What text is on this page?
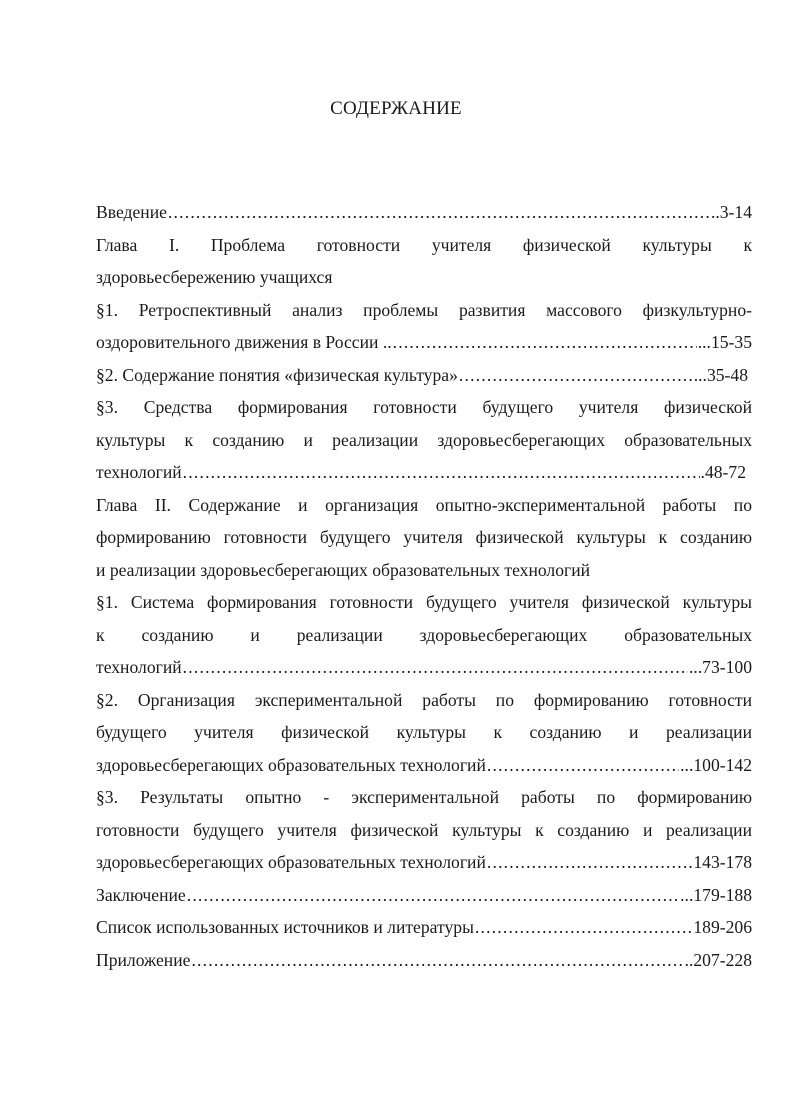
СОДЕРЖАНИЕ
Введение .....	..3-14
Глава I. Проблема готовности учителя физической культуры к
здоровьесбережению учащихся
§1. Ретроспективный анализ проблемы развития массового физкультурно-
оздоровительного движения в России .. .....	...15-35
§2. Содержание понятия «физическая культура» .....	...35-48
§3. Средства формирования готовности будущего учителя физической
культуры к созданию и реализации здоровьесберегающих образовательных
технологий .....	.48-72
Глава II. Содержание и организация опытно-экспериментальной работы по
формированию готовности будущего учителя физической культуры к созданию
и реализации здоровьесберегающих образовательных технологий
§1. Система формирования готовности будущего учителя физической культуры
к созданию и реализации здоровьесберегающих образовательных
технологий .....	...73-100
§2. Организация экспериментальной работы по формированию готовности
будущего учителя физической культуры к созданию и реализации
здоровьесберегающих образовательных технологий .....	...100-142
§3. Результаты опытно - экспериментальной работы по формированию
готовности будущего учителя физической культуры к созданию и реализации
здоровьесберегающих образовательных технологий .....	143-178
Заключение .....	...179-188
Список использованных источников и литературы .....	189-206
Приложение .....	..207-228
